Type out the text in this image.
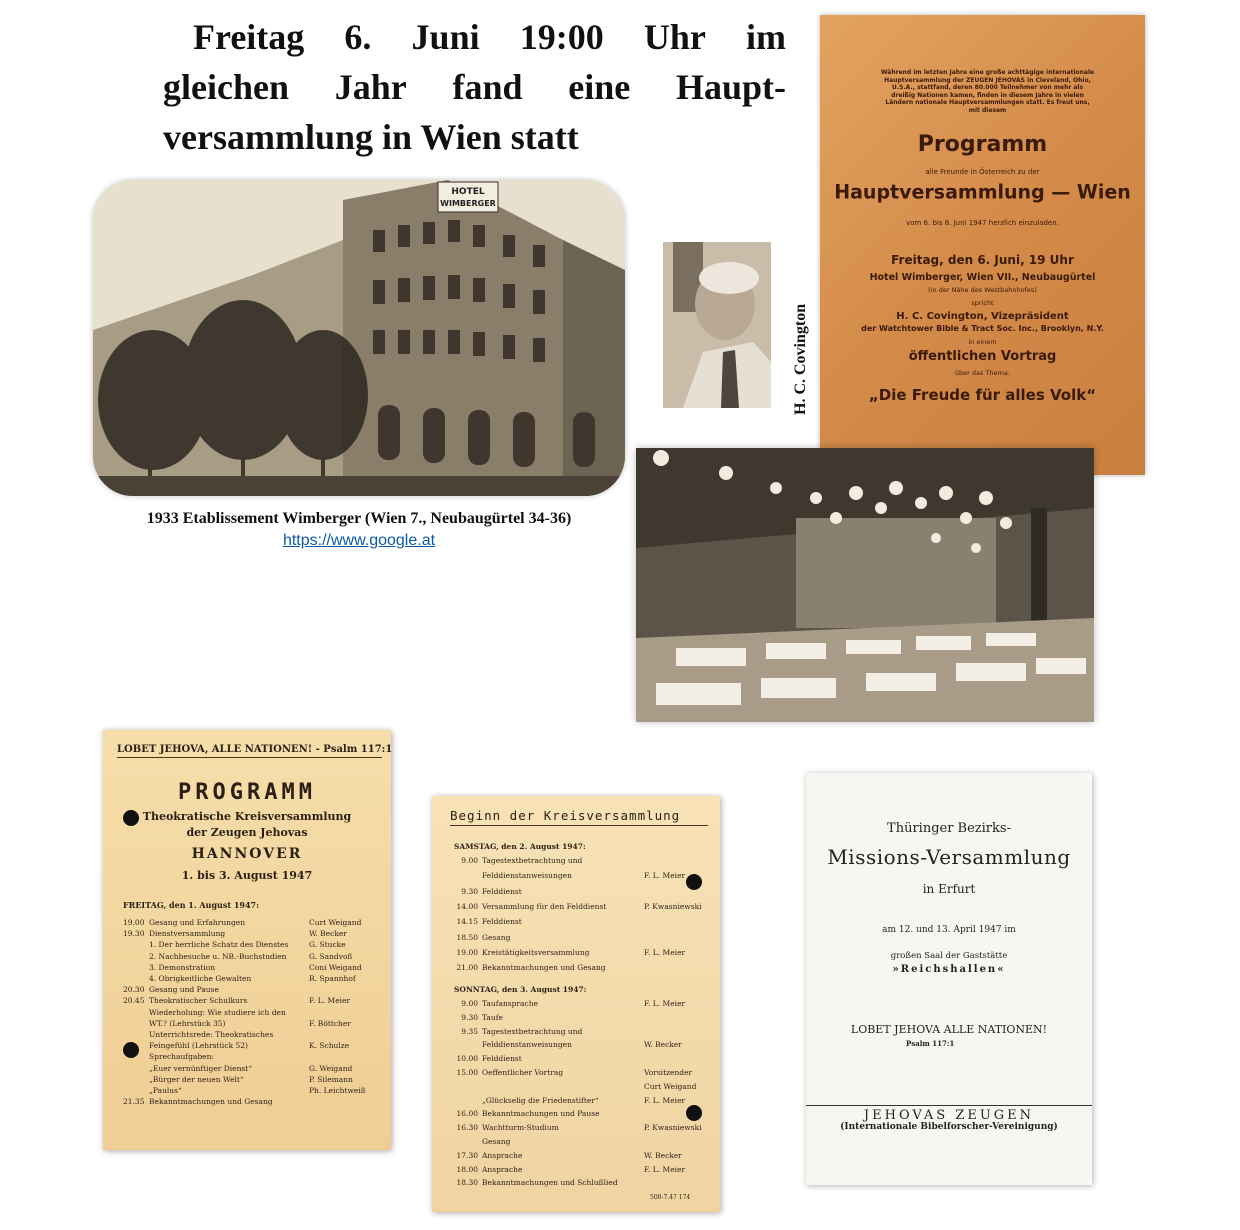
Freitag 6. Juni 19:00 Uhr im
gleichen Jahr fand eine Haupt-
versammlung in Wien statt
HOTEL
WIMBERGER
1933 Etablissement Wimberger (Wien 7., Neubaugürtel 34-36)
https://www.google.at
H. C. Covington
Während im letzten Jahre eine große achttägige internationale Hauptversammlung der ZEUGEN JEHOVAS in Cleveland, Ohio, U.S.A., stattfand, deren 80.000 Teilnehmer von mehr als dreißig Nationen kamen, finden in diesem Jahre in vielen Ländern nationale Hauptversammlungen statt. Es freut uns, mit diesem
Programm
alle Freunde in Österreich zu der
Hauptversammlung — Wien
vom 6. bis 8. Juni 1947 herzlich einzuladen.
Freitag, den 6. Juni, 19 Uhr
Hotel Wimberger, Wien VII., Neubaugürtel
(in der Nähe des Westbahnhofes)
spricht
H. C. Covington, Vizepräsident
der Watchtower Bible & Tract Soc. Inc., Brooklyn, N.Y.
in einem
öffentlichen Vortrag
über das Thema:
„Die Freude für alles Volk“
LOBET JEHOVA, ALLE NATIONEN! - Psalm 117:1
PROGRAMM
Theokratische Kreisversammlung
der Zeugen Jehovas
HANNOVER
1. bis 3. August 1947
FREITAG, den 1. August 1947:
19.00 Gesang und Erfahrungen	Curt Weigand
19.30 Dienstversammlung	W. Becker
1. Der herrliche Schatz des Dienstes	G. Stucke
2. Nachbesuche u. NB.-Buchstudien	G. Sandvoß
3. Demonstration	Coni Weigand
4. Obrigkeitliche Gewalten	R. Spannhof
20.30 Gesang und Pause
20.45 Theokratischer Schulkurs	F. L. Meier
Wiederholung: Wie studiere ich den
WT.? (Lehrstück 35)	F. Böttcher
Unterrichtsrede: Theokratisches
Feingefühl (Lehrstück 52)	K. Schulze
Sprechaufgaben:
„Euer vernünftiger Dienst“	G. Weigand
„Bürger der neuen Welt“	P. Silemann
„Paulus“	Ph. Leichtweiß
21.35 Bekanntmachungen und Gesang
Beginn der Kreisversammlung
SAMSTAG, den 2. August 1947:
9.00 Tagestextbetrachtung und
Felddienstanweisungen	F. L. Meier
9.30 Felddienst
14.00 Versammlung für den Felddienst	P. Kwasniewski
14.15 Felddienst
18.50 Gesang
19.00 Kreistätigkeitsversammlung	F. L. Meier
21.00 Bekanntmachungen und Gesang
SONNTAG, den 3. August 1947:
9.00 Taufansprache	F. L. Meier
9.30 Taufe
9.35 Tagestextbetrachtung und
Felddienstanweisungen	W. Becker
10.00 Felddienst
15.00 Oeffentlicher Vortrag	Vorsitzender
Curt Weigand
„Glückselig die Friedenstifter“	F. L. Meier
16.00 Bekanntmachungen und Pause
16.30 Wachtturm-Studium	P. Kwasniewski
Gesang
17.30 Ansprache	W. Becker
18.00 Ansprache	F. L. Meier
18.30 Bekanntmachungen und Schlußlied
500-7.47 174
Thüringer Bezirks-
Missions-Versammlung
in Erfurt
am 12. und 13. April 1947 im
großen Saal der Gaststätte
»Reichshallen«
LOBET JEHOVA ALLE NATIONEN!
Psalm 117:1
JEHOVAS ZEUGEN
(Internationale Bibelforscher-Vereinigung)
